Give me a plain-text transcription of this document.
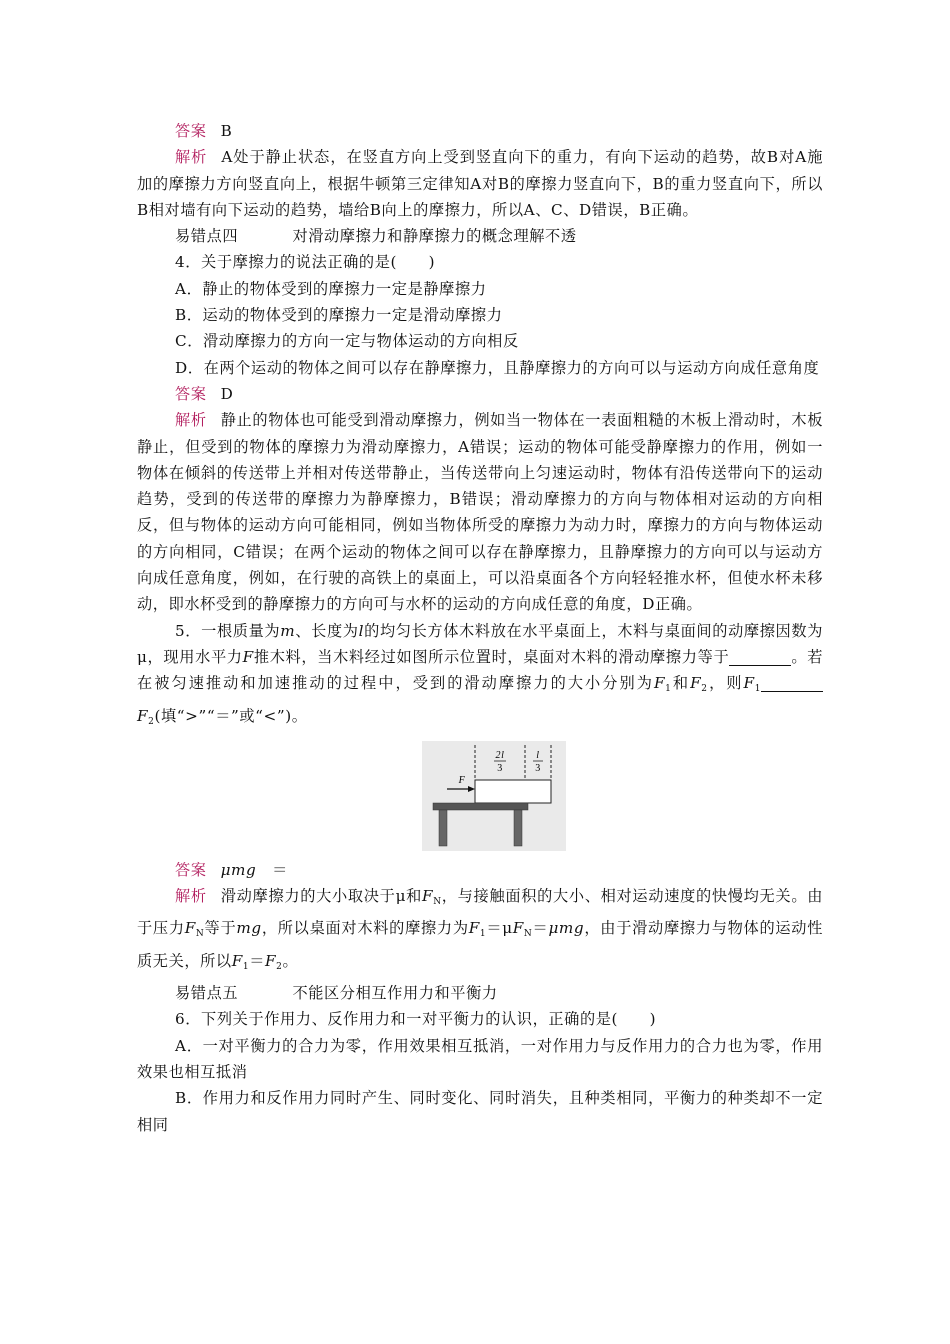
答案 B

解析 A处于静止状态，在竖直方向上受到竖直向下的重力，有向下运动的趋势，故B对A施加的摩擦力方向竖直向上，根据牛顿第三定律知A对B的摩擦力竖直向下，B的重力竖直向下，所以B相对墙有向下运动的趋势，墙给B向上的摩擦力，所以A、C、D错误，B正确。

易错点四	对滑动摩擦力和静摩擦力的概念理解不透

4．关于摩擦力的说法正确的是(　　)

A．静止的物体受到的摩擦力一定是静摩擦力

B．运动的物体受到的摩擦力一定是滑动摩擦力

C．滑动摩擦力的方向一定与物体运动的方向相反

D．在两个运动的物体之间可以存在静摩擦力，且静摩擦力的方向可以与运动方向成任意角度

答案 D

解析 静止的物体也可能受到滑动摩擦力，例如当一物体在一表面粗糙的木板上滑动时，木板静止，但受到的物体的摩擦力为滑动摩擦力，A错误；运动的物体可能受静摩擦力的作用，例如一物体在倾斜的传送带上并相对传送带静止，当传送带向上匀速运动时，物体有沿传送带向下的运动趋势，受到的传送带的摩擦力为静摩擦力，B错误；滑动摩擦力的方向与物体相对运动的方向相反，但与物体的运动方向可能相同，例如当物体所受的摩擦力为动力时，摩擦力的方向与物体运动的方向相同，C错误；在两个运动的物体之间可以存在静摩擦力，且静摩擦力的方向可以与运动方向成任意角度，例如，在行驶的高铁上的桌面上，可以沿桌面各个方向轻轻推水杯，但使水杯未移动，即水杯受到的静摩擦力的方向可与水杯的运动的方向成任意的角度，D正确。

5．一根质量为m、长度为l的均匀长方体木料放在水平桌面上，木料与桌面间的动摩擦因数为μ，现用水平力F推木料，当木料经过如图所示位置时，桌面对木料的滑动摩擦力等于	。若在被匀速推动和加速推动的过程中，受到的滑动摩擦力的大小分别为$F_1$和$F_2$，则$F_1F_2$(填“>”“＝”或“<”)。

2l
3
l
3
F

答案 μmg　 ＝

解析 滑动摩擦力的大小取决于μ和$F_N$，与接触面积的大小、相对运动速度的快慢均无关。由于压力$F_N$等于mg，所以桌面对木料的摩擦力为$F_1=\mu F_N=\mu mg$，由于滑动摩擦力与物体的运动性质无关，所以$F_1=F_2$。

易错点五	不能区分相互作用力和平衡力

6．下列关于作用力、反作用力和一对平衡力的认识，正确的是(　　)

A．一对平衡力的合力为零，作用效果相互抵消，一对作用力与反作用力的合力也为零，作用效果也相互抵消

B．作用力和反作用力同时产生、同时变化、同时消失，且种类相同，平衡力的种类却不一定相同
